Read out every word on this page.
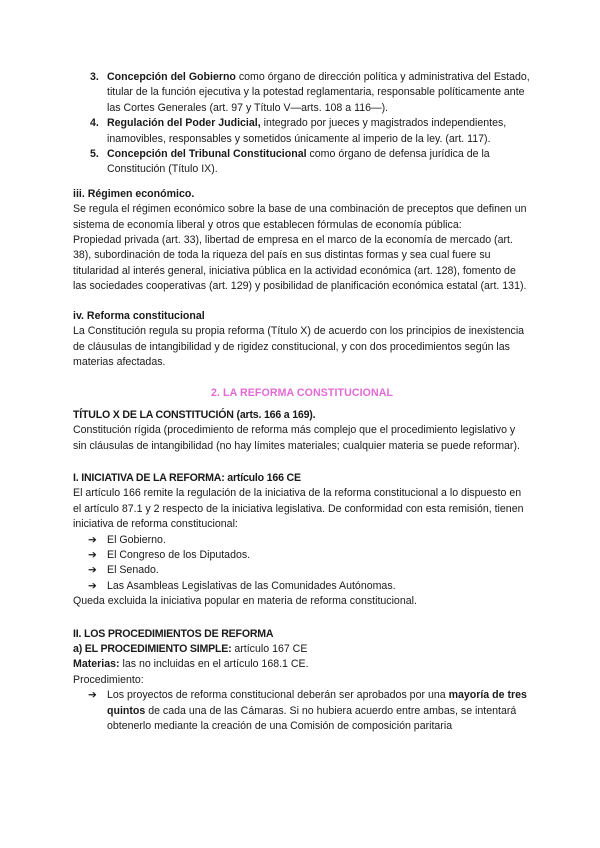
3. Concepción del Gobierno como órgano de dirección política y administrativa del Estado, titular de la función ejecutiva y la potestad reglamentaria, responsable políticamente ante las Cortes Generales (art. 97 y Título V—arts. 108 a 116—).
4. Regulación del Poder Judicial, integrado por jueces y magistrados independientes, inamovibles, responsables y sometidos únicamente al imperio de la ley. (art. 117).
5. Concepción del Tribunal Constitucional como órgano de defensa jurídica de la Constitución (Título IX).

iii. Régimen económico.

Se regula el régimen económico sobre la base de una combinación de preceptos que definen un sistema de economía liberal y otros que establecen fórmulas de economía pública:

Propiedad privada (art. 33), libertad de empresa en el marco de la economía de mercado (art. 38), subordinación de toda la riqueza del país en sus distintas formas y sea cual fuere su titularidad al interés general, iniciativa pública en la actividad económica (art. 128), fomento de las sociedades cooperativas (art. 129) y posibilidad de planificación económica estatal (art. 131).

iv. Reforma constitucional

La Constitución regula su propia reforma (Título X) de acuerdo con los principios de inexistencia de cláusulas de intangibilidad y de rigidez constitucional, y con dos procedimientos según las materias afectadas.

2. LA REFORMA CONSTITUCIONAL

TÍTULO X DE LA CONSTITUCIÓN (arts. 166 a 169).

Constitución rígida (procedimiento de reforma más complejo que el procedimiento legislativo y sin cláusulas de intangibilidad (no hay límites materiales; cualquier materia se puede reformar).

I. INICIATIVA DE LA REFORMA: artículo 166 CE

El artículo 166 remite la regulación de la iniciativa de la reforma constitucional a lo dispuesto en el artículo 87.1 y 2 respecto de la iniciativa legislativa. De conformidad con esta remisión, tienen iniciativa de reforma constitucional:

➔ El Gobierno.
➔ El Congreso de los Diputados.
➔ El Senado.
➔ Las Asambleas Legislativas de las Comunidades Autónomas.

Queda excluida la iniciativa popular en materia de reforma constitucional.

II. LOS PROCEDIMIENTOS DE REFORMA

a) EL PROCEDIMIENTO SIMPLE: artículo 167 CE

Materias: las no incluidas en el artículo 168.1 CE.

Procedimiento:

➔ Los proyectos de reforma constitucional deberán ser aprobados por una mayoría de tres quintos de cada una de las Cámaras. Si no hubiera acuerdo entre ambas, se intentará obtenerlo mediante la creación de una Comisión de composición paritaria
